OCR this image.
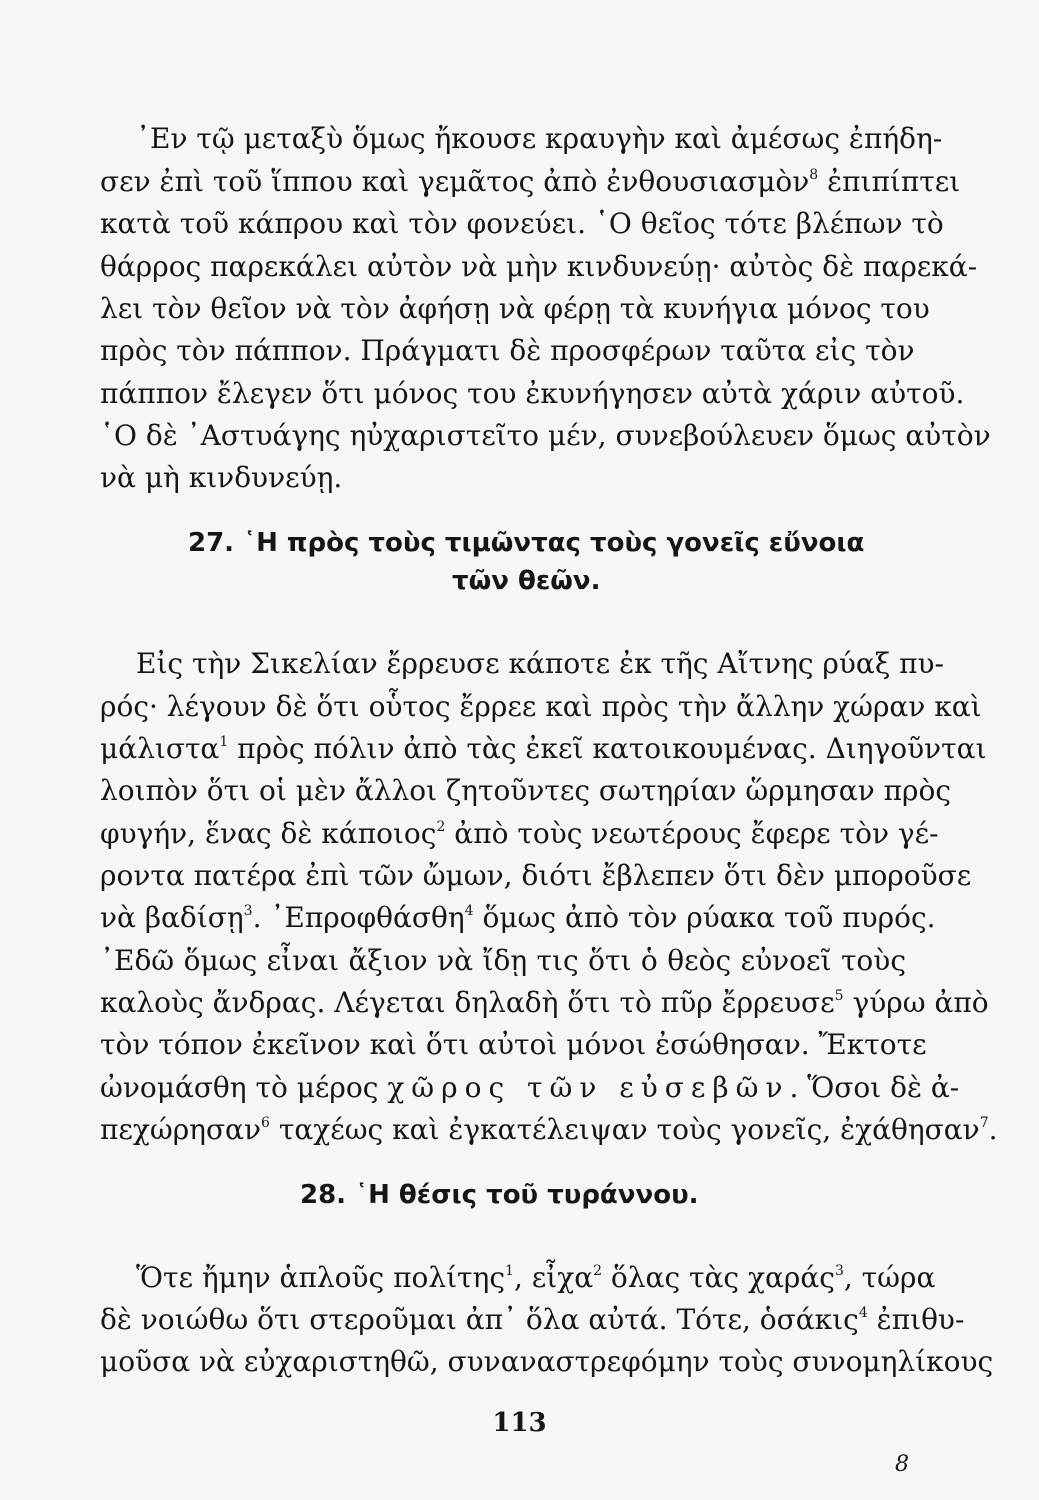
᾿Εν τῷ μεταξὺ ὅμως ἤκουσε κραυγὴν καὶ ἀμέσως ἐπήδη-
σεν ἐπὶ τοῦ ἵππου καὶ γεμᾶτος ἀπὸ ἐνθουσιασμὸν$^8$ ἐπιπίπτει
κατὰ τοῦ κάπρου καὶ τὸν φονεύει. ῾Ο θεῖος τότε βλέπων τὸ
θάρρος παρεκάλει αὐτὸν νὰ μὴν κινδυνεύῃ· αὐτὸς δὲ παρεκά-
λει τὸν θεῖον νὰ τὸν ἀφήσῃ νὰ φέρῃ τὰ κυνήγια μόνος του
πρὸς τὸν πάππον. Πράγματι δὲ προσφέρων ταῦτα εἰς τὸν
πάππον ἔλεγεν ὅτι μόνος του ἐκυνήγησεν αὐτὰ χάριν αὐτοῦ.
῾Ο δὲ ᾿Αστυάγης ηὐχαριστεῖτο μέν, συνεβούλευεν ὅμως αὐτὸν
νὰ μὴ κινδυνεύῃ.
27. ῾Η πρὸς τοὺς τιμῶντας τοὺς γονεῖς εὔνοια
τῶν θεῶν.
Εἰς τὴν Σικελίαν ἔρρευσε κάποτε ἐκ τῆς Αἴτνης ρύαξ πυ-
ρός· λέγουν δὲ ὅτι οὗτος ἔρρεε καὶ πρὸς τὴν ἄλλην χώραν καὶ
μάλιστα$^1$ πρὸς πόλιν ἀπὸ τὰς ἐκεῖ κατοικουμένας. Διηγοῦνται
λοιπὸν ὅτι οἱ μὲν ἄλλοι ζητοῦντες σωτηρίαν ὥρμησαν πρὸς
φυγήν, ἕνας δὲ κάποιος$^2$ ἀπὸ τοὺς νεωτέρους ἔφερε τὸν γέ-
ροντα πατέρα ἐπὶ τῶν ὤμων, διότι ἔβλεπεν ὅτι δὲν μποροῦσε
νὰ βαδίσῃ$^3$. ᾿Επροφθάσθη$^4$ ὅμως ἀπὸ τὸν ρύακα τοῦ πυρός.
᾿Εδῶ ὅμως εἶναι ἄξιον νὰ ἴδῃ τις ὅτι ὁ θεὸς εὐνοεῖ τοὺς
καλοὺς ἄνδρας. Λέγεται δηλαδὴ ὅτι τὸ πῦρ ἔρρευσε$^5$ γύρω ἀπὸ
τὸν τόπον ἐκεῖνον καὶ ὅτι αὐτοὶ μόνοι ἐσώθησαν. Ἔκτοτε
ὠνομάσθη τὸ μέρος χῶρος τῶν εὐσεβῶν. Ὅσοι δὲ ἀ-
πεχώρησαν$^6$ ταχέως καὶ ἐγκατέλειψαν τοὺς γονεῖς, ἐχάθησαν$^7$.
28. ῾Η θέσις τοῦ τυράννου.
Ὅτε ἤμην ἁπλοῦς πολίτης$^1$, εἶχα$^2$ ὅλας τὰς χαράς$^3$, τώρα
δὲ νοιώθω ὅτι στεροῦμαι ἀπ᾿ ὅλα αὐτά. Τότε, ὁσάκις$^4$ ἐπιθυ-
μοῦσα νὰ εὐχαριστηθῶ, συναναστρεφόμην τοὺς συνομηλίκους
113
8
